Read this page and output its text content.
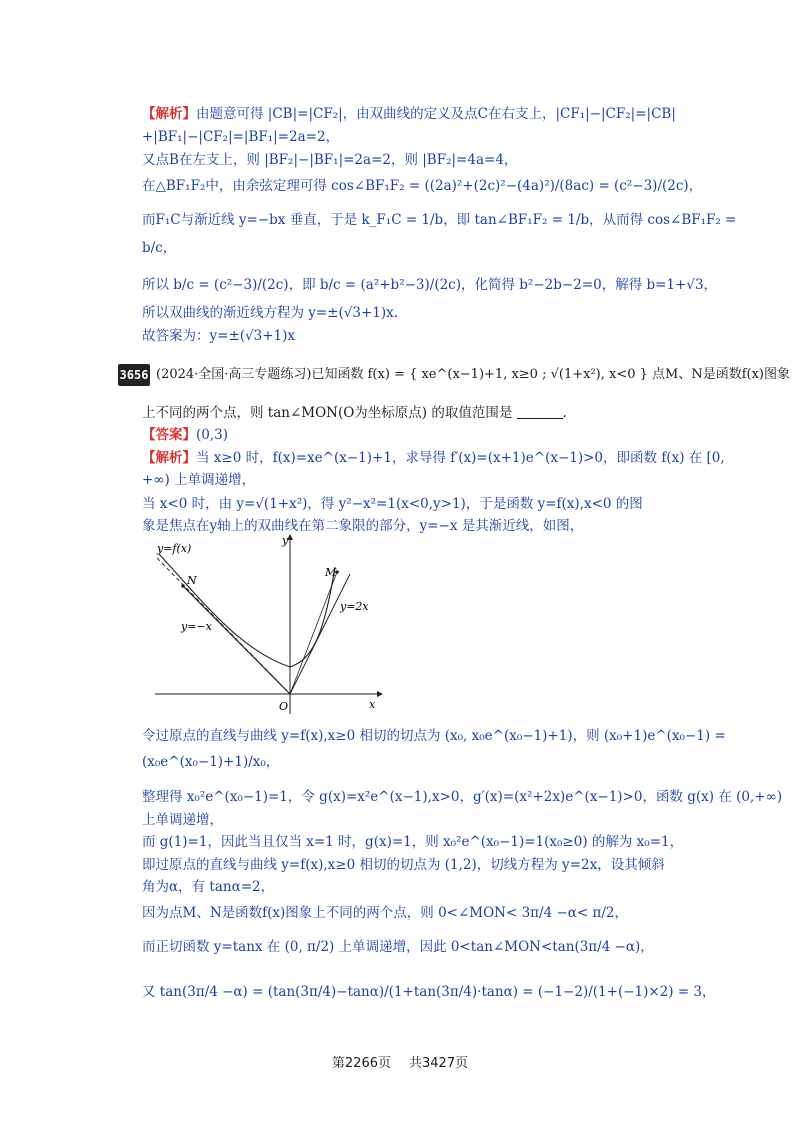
【解析】由题意可得 |CB|=|CF₂|，由双曲线的定义及点C在右支上，|CF₁|−|CF₂|=|CB|
+|BF₁|−|CF₂|=|BF₁|=2a=2，
又点B在左支上，则 |BF₂|−|BF₁|=2a=2，则 |BF₂|=4a=4，
在△BF₁F₂中，由余弦定理可得 cos∠BF₁F₂ = ((2a)²+(2c)²−(4a)²)/(8ac) = (c²−3)/(2c)，
而F₁C与渐近线 y=−bx 垂直，于是 k_F₁C = 1/b，即 tan∠BF₁F₂ = 1/b，从而得 cos∠BF₁F₂ =
b/c，
所以 b/c = (c²−3)/(2c)，即 b/c = (a²+b²−3)/(2c)，化简得 b²−2b−2=0，解得 b=1+√3，
所以双曲线的渐近线方程为 y=±(√3+1)x.
故答案为：y=±(√3+1)x
3656 (2024·全国·高三专题练习)已知函数 f(x) = { xe^(x−1)+1, x≥0 ; √(1+x²), x<0 } 点M、N是函数f(x)图象
上不同的两个点，则 tan∠MON(O为坐标原点) 的取值范围是	.
【答案】(0,3)
【解析】当 x≥0 时，f(x)=xe^(x−1)+1，求导得 f′(x)=(x+1)e^(x−1)>0，即函数 f(x) 在 [0,
+∞) 上单调递增，
当 x<0 时，由 y=√(1+x²)，得 y²−x²=1(x<0,y>1)，于是函数 y=f(x),x<0 的图
象是焦点在y轴上的双曲线在第二象限的部分，y=−x 是其渐近线，如图，
y=f(x)
N
M
y=−x
y=2x
y
x
O
令过原点的直线与曲线 y=f(x),x≥0 相切的切点为 (x₀, x₀e^(x₀−1)+1)，则 (x₀+1)e^(x₀−1) =
(x₀e^(x₀−1)+1)/x₀，
整理得 x₀²e^(x₀−1)=1，令 g(x)=x²e^(x−1),x>0，g′(x)=(x²+2x)e^(x−1)>0，函数 g(x) 在 (0,+∞)
上单调递增，
而 g(1)=1，因此当且仅当 x=1 时，g(x)=1，则 x₀²e^(x₀−1)=1(x₀≥0) 的解为 x₀=1，
即过原点的直线与曲线 y=f(x),x≥0 相切的切点为 (1,2)，切线方程为 y=2x，设其倾斜
角为α，有 tanα=2，
因为点M、N是函数f(x)图象上不同的两个点，则 0<∠MON< 3π/4 −α< π/2，
而正切函数 y=tanx 在 (0, π/2) 上单调递增，因此 0<tan∠MON<tan(3π/4 −α)，
又 tan(3π/4 −α) = (tan(3π/4)−tanα)/(1+tan(3π/4)·tanα) = (−1−2)/(1+(−1)×2) = 3，
第2266页 共3427页
